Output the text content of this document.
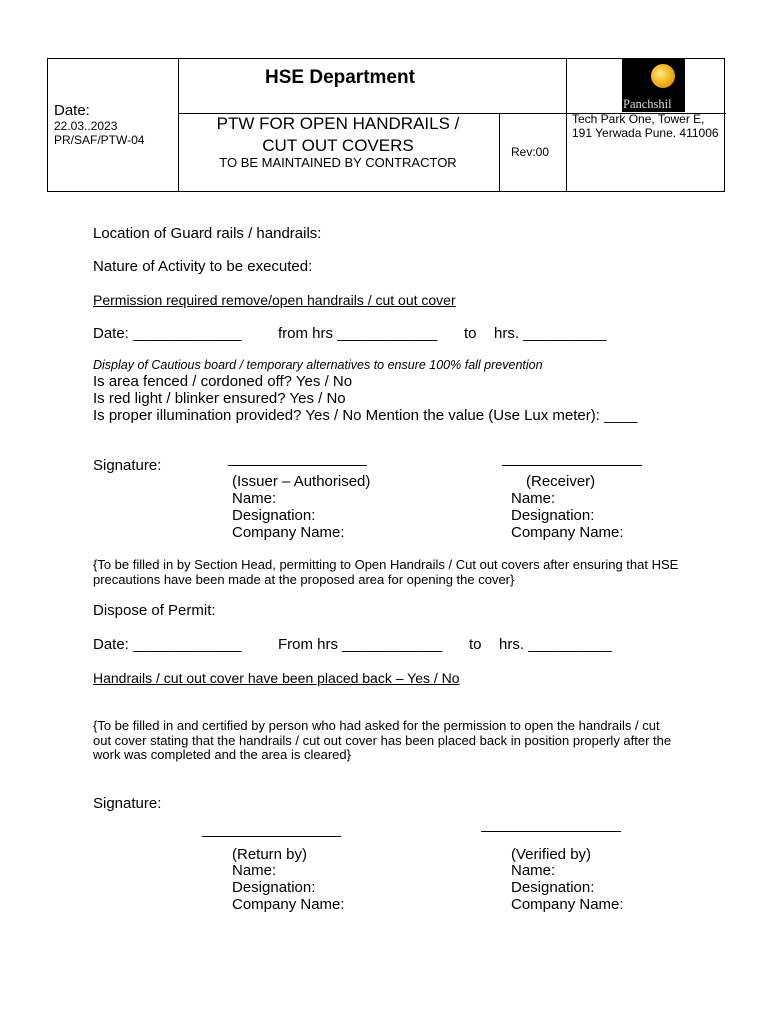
HSE Department
Date:
22.03..2023
PR/SAF/PTW-04
PTW FOR OPEN HANDRAILS /
CUT OUT COVERS
TO BE MAINTAINED BY CONTRACTOR
Rev:00
Panchshil
Tech Park One, Tower E,
191 Yerwada Pune. 411006
Location of Guard rails / handrails:
Nature of Activity to be executed:
Permission required remove/open handrails / cut out cover
Date: _____________ from hrs ____________ to hrs. __________
Display of Cautious board / temporary alternatives to ensure 100% fall prevention
Is area fenced / cordoned off? Yes / No
Is red light / blinker ensured? Yes / No
Is proper illumination provided? Yes / No Mention the value (Use Lux meter): ____
Signature:
(Issuer – Authorised)
Name:
Designation:
Company Name:
(Receiver)
Name:
Designation:
Company Name:
{To be filled in by Section Head, permitting to Open Handrails / Cut out covers after ensuring that HSE
precautions have been made at the proposed area for opening the cover}
Dispose of Permit:
Date: _____________ From hrs ____________ to hrs. __________
Handrails / cut out cover have been placed back – Yes / No
{To be filled in and certified by person who had asked for the permission to open the handrails / cut
out cover stating that the handrails / cut out cover has been placed back in position properly after the
work was completed and the area is cleared}
Signature:
(Return by)
Name:
Designation:
Company Name:
(Verified by)
Name:
Designation:
Company Name:
